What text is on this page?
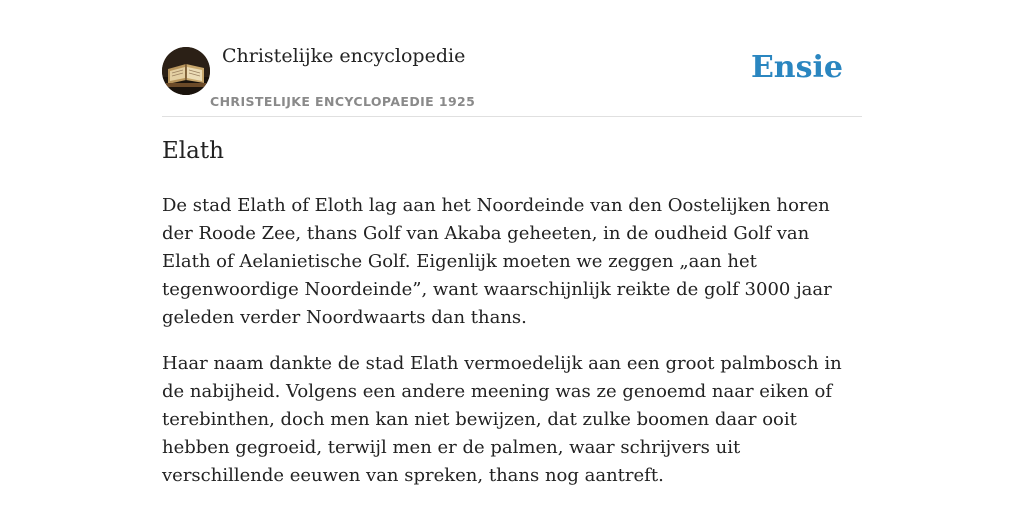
Christelijke encyclopedie
CHRISTELIJKE ENCYCLOPAEDIE 1925
Ensie
Elath

De stad Elath of Eloth lag aan het Noordeinde van den Oostelijken horen der Roode Zee, thans Golf van Akaba geheeten, in de oudheid Golf van Elath of Aelanietische Golf. Eigenlijk moeten we zeggen „aan het tegenwoordige Noordeinde”, want waarschijnlijk reikte de golf 3000 jaar geleden verder Noordwaarts dan thans.

Haar naam dankte de stad Elath vermoedelijk aan een groot palmbosch in de nabijheid. Volgens een andere meening was ze genoemd naar eiken of terebinthen, doch men kan niet bewijzen, dat zulke boomen daar ooit hebben gegroeid, terwijl men er de palmen, waar schrijvers uit verschillende eeuwen van spreken, thans nog aantreft.
